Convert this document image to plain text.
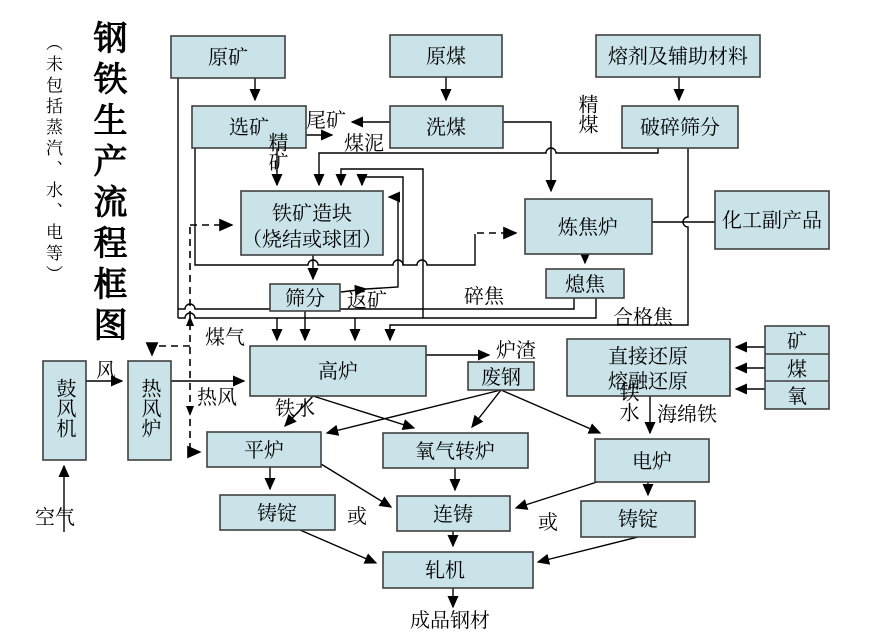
钢铁生产流程框图
（未包括蒸汽、水、电等）	原矿	原煤	熔剂及辅助材料
选矿	洗煤	破碎筛分
铁矿造块
（烧结或球团）
炼焦炉	化工副产品
熄焦
筛分
鼓风机	热风炉
高炉	废钢
直接还原
熔融还原
矿
煤
氧
平炉	氧气转炉	电炉
铸锭	连铸	铸锭
轧机
尾矿
煤泥
精矿
精煤
返矿	碎焦
合格焦
煤气
风
热风 铁水
炉渣
铁水 海绵铁
空气	或	或
成品钢材
